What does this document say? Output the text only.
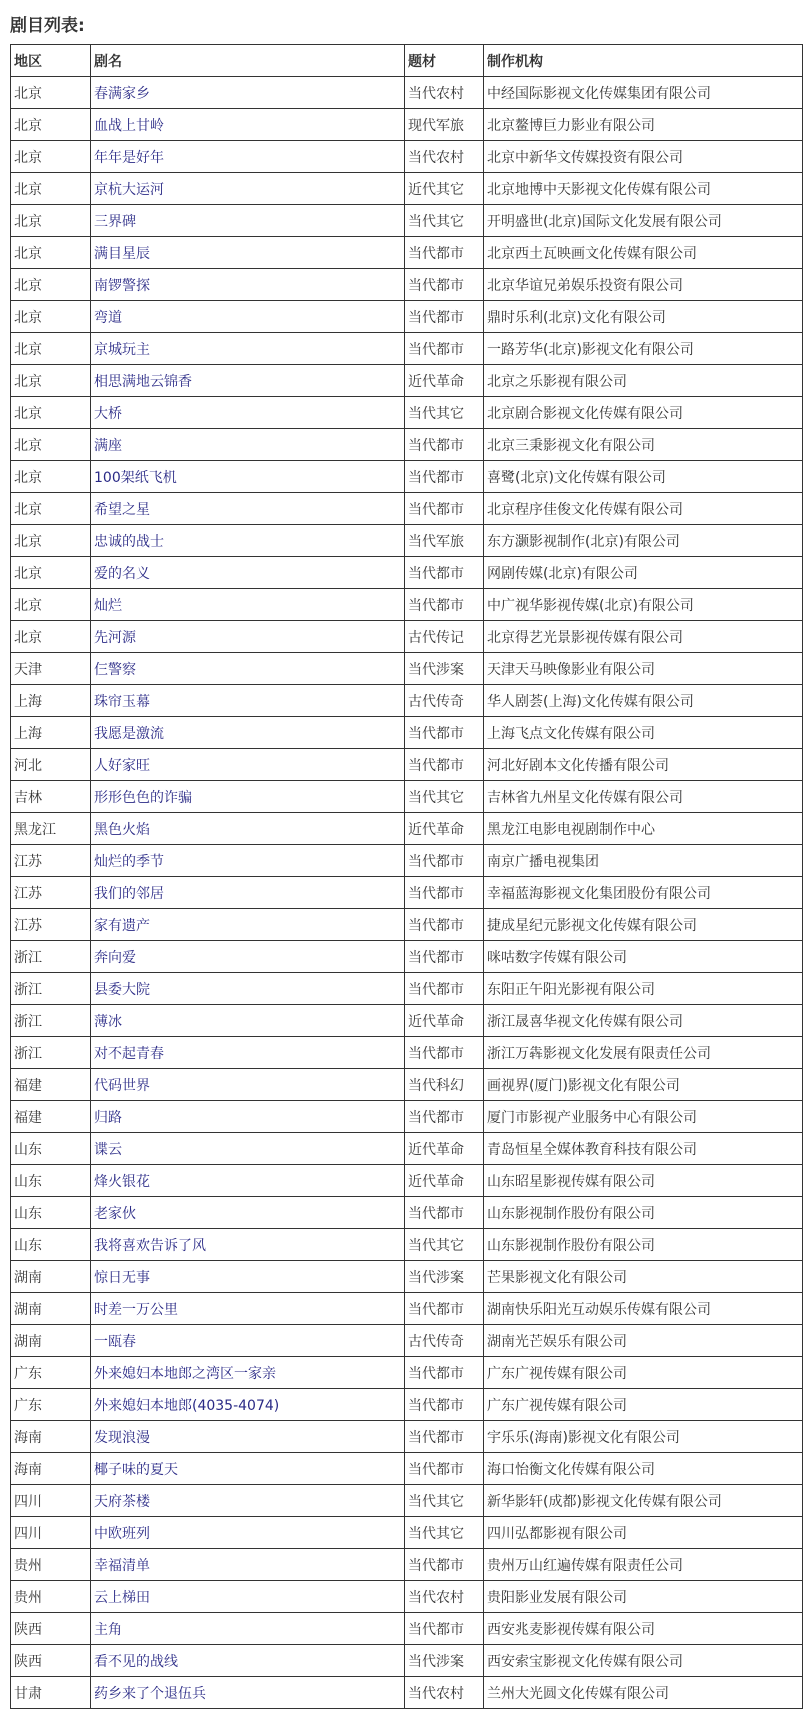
剧目列表:
地区	剧名	题材	制作机构
北京	春满家乡	当代农村	中经国际影视文化传媒集团有限公司
北京	血战上甘岭	现代军旅	北京鳌博巨力影业有限公司
北京	年年是好年	当代农村	北京中新华文传媒投资有限公司
北京	京杭大运河	近代其它	北京地博中天影视文化传媒有限公司
北京	三界碑	当代其它	开明盛世(北京)国际文化发展有限公司
北京	满目星辰	当代都市	北京西土瓦映画文化传媒有限公司
北京	南锣警探	当代都市	北京华谊兄弟娱乐投资有限公司
北京	弯道	当代都市	鼎时乐利(北京)文化有限公司
北京	京城玩主	当代都市	一路芳华(北京)影视文化有限公司
北京	相思满地云锦香	近代革命	北京之乐影视有限公司
北京	大桥	当代其它	北京剧合影视文化传媒有限公司
北京	满座	当代都市	北京三秉影视文化有限公司
北京	100架纸飞机	当代都市	喜鹭(北京)文化传媒有限公司
北京	希望之星	当代都市	北京程序佳俊文化传媒有限公司
北京	忠诚的战士	当代军旅	东方灏影视制作(北京)有限公司
北京	爱的名义	当代都市	网剧传媒(北京)有限公司
北京	灿烂	当代都市	中广视华影视传媒(北京)有限公司
北京	先河源	古代传记	北京得艺光景影视传媒有限公司
天津	仨警察	当代涉案	天津天马映像影业有限公司
上海	珠帘玉幕	古代传奇	华人剧荟(上海)文化传媒有限公司
上海	我愿是激流	当代都市	上海飞点文化传媒有限公司
河北	人好家旺	当代都市	河北好剧本文化传播有限公司
吉林	形形色色的诈骗	当代其它	吉林省九州星文化传媒有限公司
黑龙江	黑色火焰	近代革命	黑龙江电影电视剧制作中心
江苏	灿烂的季节	当代都市	南京广播电视集团
江苏	我们的邻居	当代都市	幸福蓝海影视文化集团股份有限公司
江苏	家有遗产	当代都市	捷成星纪元影视文化传媒有限公司
浙江	奔向爱	当代都市	咪咕数字传媒有限公司
浙江	县委大院	当代都市	东阳正午阳光影视有限公司
浙江	薄冰	近代革命	浙江晟喜华视文化传媒有限公司
浙江	对不起青春	当代都市	浙江万犇影视文化发展有限责任公司
福建	代码世界	当代科幻	画视界(厦门)影视文化有限公司
福建	归路	当代都市	厦门市影视产业服务中心有限公司
山东	谍云	近代革命	青岛恒星全媒体教育科技有限公司
山东	烽火银花	近代革命	山东昭星影视传媒有限公司
山东	老家伙	当代都市	山东影视制作股份有限公司
山东	我将喜欢告诉了风	当代其它	山东影视制作股份有限公司
湖南	惊日无事	当代涉案	芒果影视文化有限公司
湖南	时差一万公里	当代都市	湖南快乐阳光互动娱乐传媒有限公司
湖南	一瓯春	古代传奇	湖南光芒娱乐有限公司
广东	外来媳妇本地郎之湾区一家亲	当代都市	广东广视传媒有限公司
广东	外来媳妇本地郎(4035-4074)	当代都市	广东广视传媒有限公司
海南	发现浪漫	当代都市	宇乐乐(海南)影视文化有限公司
海南	椰子味的夏天	当代都市	海口怡衡文化传媒有限公司
四川	天府茶楼	当代其它	新华影轩(成都)影视文化传媒有限公司
四川	中欧班列	当代其它	四川弘都影视有限公司
贵州	幸福清单	当代都市	贵州万山红遍传媒有限责任公司
贵州	云上梯田	当代农村	贵阳影业发展有限公司
陕西	主角	当代都市	西安兆麦影视传媒有限公司
陕西	看不见的战线	当代涉案	西安索宝影视文化传媒有限公司
甘肃	药乡来了个退伍兵	当代农村	兰州大光圆文化传媒有限公司
